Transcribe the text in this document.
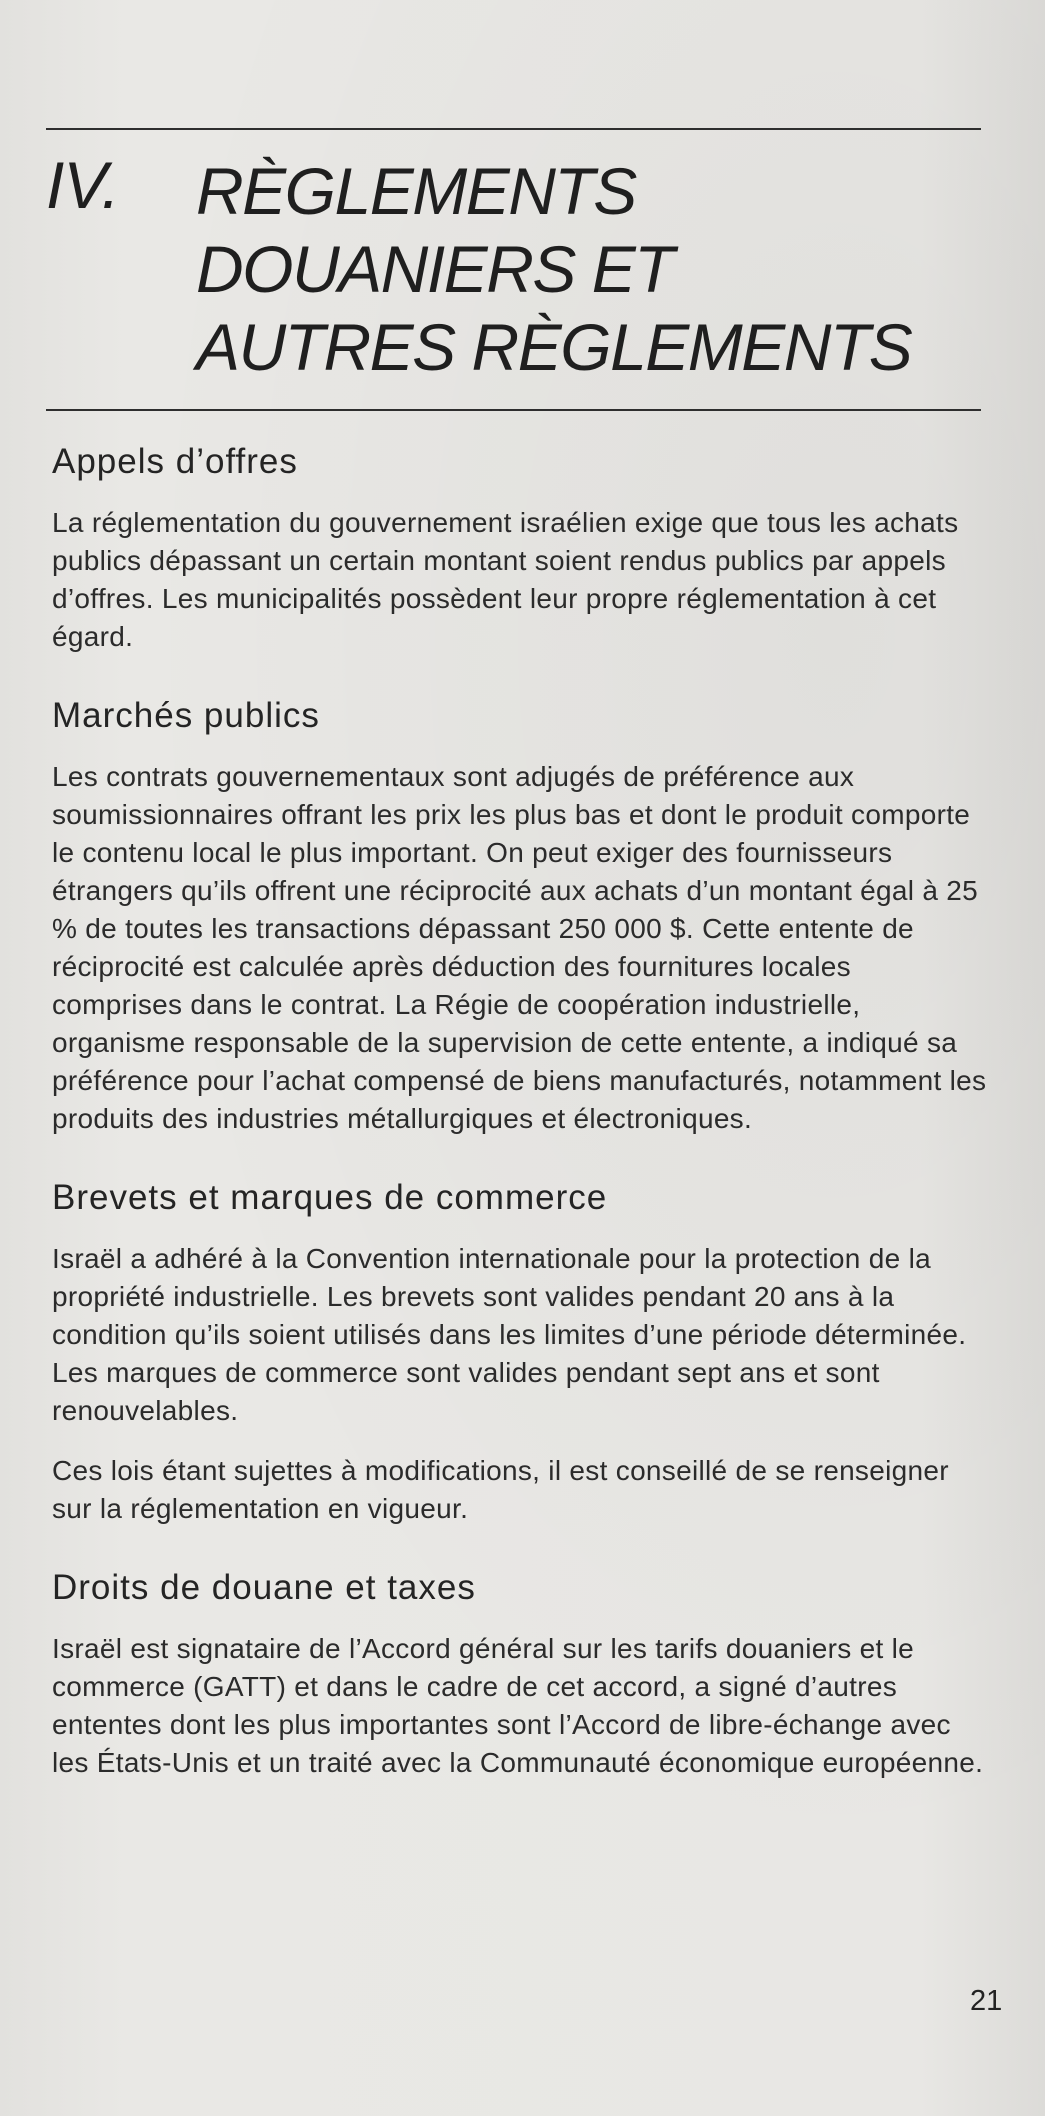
IV. RÈGLEMENTS
DOUANIERS ET
AUTRES RÈGLEMENTS
Appels d’offres

La réglementation du gouvernement israélien exige que tous les achats publics dépassant un certain montant soient rendus publics par appels d’offres. Les municipalités possèdent leur propre réglementation à cet égard.

Marchés publics

Les contrats gouvernementaux sont adjugés de préférence aux soumissionnaires offrant les prix les plus bas et dont le produit comporte le contenu local le plus important. On peut exiger des fournisseurs étrangers qu’ils offrent une réciprocité aux achats d’un montant égal à 25 % de toutes les transactions dépassant 250 000 $. Cette entente de réciprocité est calculée après déduction des fournitures locales comprises dans le contrat. La Régie de coopération industrielle, organisme responsable de la supervision de cette entente, a indiqué sa préférence pour l’achat compensé de biens manufacturés, notamment les produits des industries métallurgiques et électroniques.

Brevets et marques de commerce

Israël a adhéré à la Convention internationale pour la protection de la propriété industrielle. Les brevets sont valides pendant 20 ans à la condition qu’ils soient utilisés dans les limites d’une période déterminée. Les marques de commerce sont valides pendant sept ans et sont renouvelables.

Ces lois étant sujettes à modifications, il est conseillé de se renseigner sur la réglementation en vigueur.

Droits de douane et taxes

Israël est signataire de l’Accord général sur les tarifs douaniers et le commerce (GATT) et dans le cadre de cet accord, a signé d’autres ententes dont les plus importantes sont l’Accord de libre-échange avec les États-Unis et un traité avec la Communauté économique européenne.

21
